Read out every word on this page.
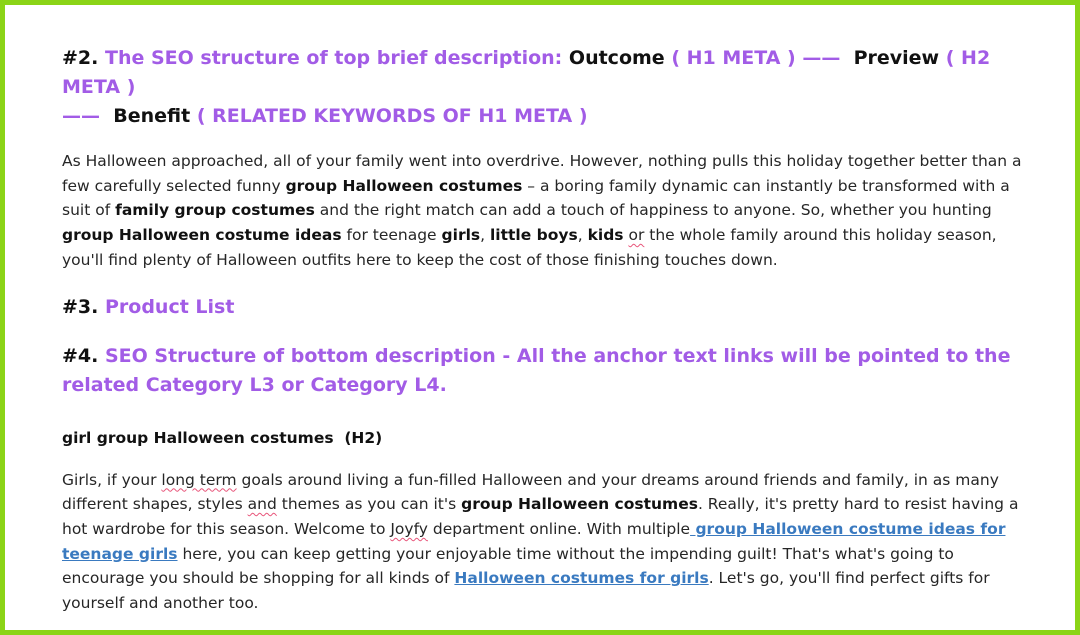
#2. The SEO structure of top brief description: Outcome ( H1 META ) —— Preview ( H2 META )
—— Benefit ( RELATED KEYWORDS OF H1 META )

As Halloween approached, all of your family went into overdrive. However, nothing pulls this holiday together better than a few carefully selected funny group Halloween costumes – a boring family dynamic can instantly be transformed with a suit of family group costumes and the right match can add a touch of happiness to anyone. So, whether you hunting group Halloween costume ideas for teenage girls, little boys, kids or the whole family around this holiday season, you'll find plenty of Halloween outfits here to keep the cost of those finishing touches down.

#3. Product List

#4. SEO Structure of bottom description - All the anchor text links will be pointed to the related Category L3 or Category L4.

girl group Halloween costumes  (H2)

Girls, if your long term goals around living a fun-filled Halloween and your dreams around friends and family, in as many different shapes, styles and themes as you can it's group Halloween costumes. Really, it's pretty hard to resist having a hot wardrobe for this season. Welcome to Joyfy department online. With multiple group Halloween costume ideas for teenage girls here, you can keep getting your enjoyable time without the impending guilt! That's what's going to encourage you should be shopping for all kinds of Halloween costumes for girls. Let's go, you'll find perfect gifts for yourself and another too.
